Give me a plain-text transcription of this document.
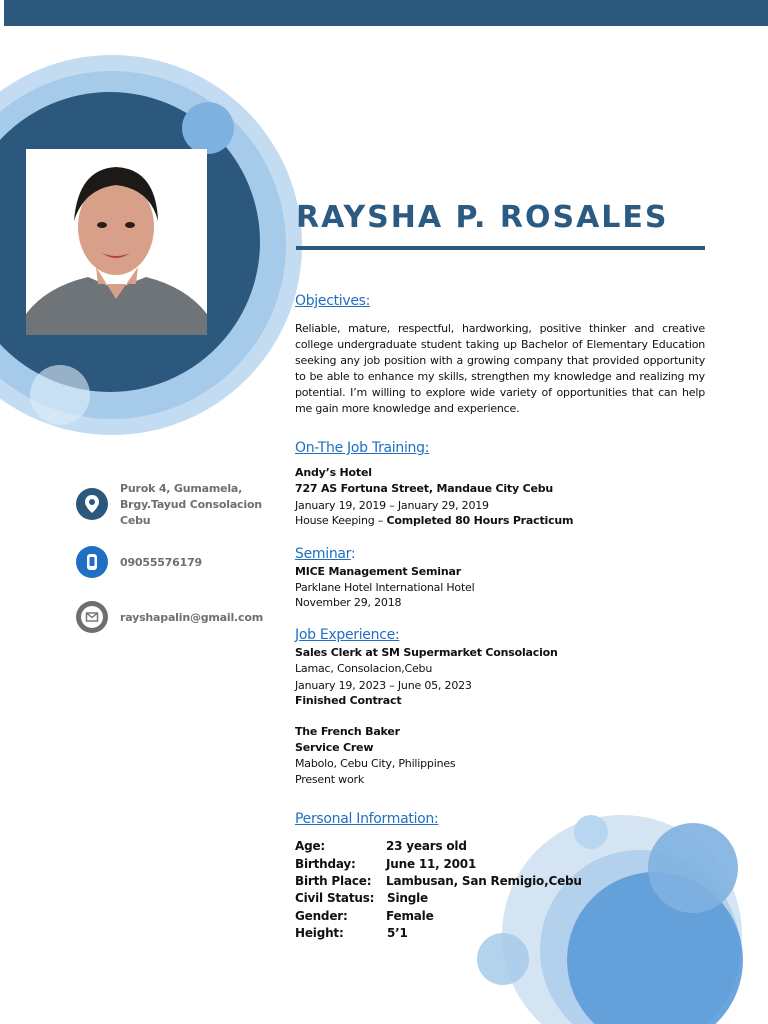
RAYSHA P. ROSALES
Purok 4, Gumamela,
Brgy.Tayud Consolacion
Cebu
09055576179
rayshapalin@gmail.com
Objectives:
Reliable, mature, respectful, hardworking, positive thinker and creative college undergraduate student taking up Bachelor of Elementary Education seeking any job position with a growing company that provided opportunity to be able to enhance my skills, strengthen my knowledge and realizing my potential. I’m willing to explore wide variety of opportunities that can help me gain more knowledge and experience.
On-The Job Training:
Andy’s Hotel
727 AS Fortuna Street, Mandaue City Cebu
January 19, 2019 – January 29, 2019
House Keeping – Completed 80 Hours Practicum
Seminar:
MICE Management Seminar
Parklane Hotel International Hotel
November 29, 2018
Job Experience:
Sales Clerk at SM Supermarket Consolacion
Lamac, Consolacion,Cebu
January 19, 2023 – June 05, 2023
Finished Contract
The French Baker
Service Crew
Mabolo, Cebu City, Philippines
Present work
Personal Information:
Age:	23 years old
Birthday:	June 11, 2001
Birth Place: Lambusan, San Remigio,Cebu
Civil Status: Single
Gender:	Female
Height:	5’1
